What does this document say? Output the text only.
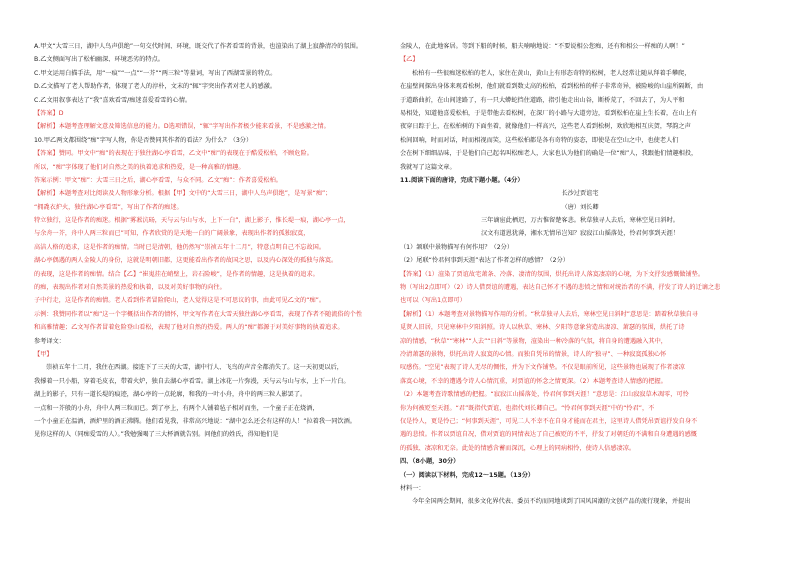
A.甲文“大雪三日，湖中人鸟声俱绝”一句交代时间、环境，既交代了作者看雪的背景，也渲染出了湖上寂静清冷的氛围。
B.乙文侧面写出了松柏幽深、环境恶劣的特点。
C.甲文运用白描手法，用“一痕”“一点”“一芥”“两三粒”等量词，写出了西湖雪景的特点。
D.乙文描写了老人帮助作者，体现了老人的淳朴，文末的“辄”字突出作者对老人的感激。
C.乙文用叙事表达了“我”喜欢看雪/痴迷喜爱看雪的心情。
【答案】D
【解析】本题考查理解文意及筛选信息的能力。D选项错误，“辄”字写出作者极少能来看景，不是感激之情。
10.甲乙两文都围绕“痴”字写人物，你是否赞同其作者的看法？为什么？（3分）
【答案】赞同。甲文中“痴”的表现在于独往湖心亭看雪，乙文中“痴”的表现在于酷爱松柏，不顾危险。
所以，“痴”字体现了他们对自然之美的执着追求和热爱，是一种高雅的情趣。
答案示例：甲文“痴”：大雪三日之后，湖心亭看雪，与众不同。乙文“痴”：作者喜爱松柏。
【解析】本题考查对比阅读及人物形象分析。根据【甲】文中的“大雪三日，湖中人鸟声俱绝”，是写景“痴”；
“拥毳衣炉火，独往湖心亭看雪”，写出了作者的痴迷。
特立独行，这是作者的痴迷。根据“雾凇沆砀，天与云与山与水，上下一白”，湖上影子，惟长堤一痕，湖心亭一点，
与余舟一芥，舟中人两三粒而已”可知，作者欣赏的是天地一白的广阔景象，表现出作者的孤独寂寞，
高洁人格的追求，这是作者的痴情。当时已是清朝，他仍然写“崇祯五年十二月”，特意点明自己不忘故国。
湖心亭偶遇的两人金陵人的身份，这就是明朝旧都，这更能看出作者的故国之思，以及内心深处的孤独与落寞。
的表现，这是作者的痴情。结合【乙】“崔嵬挂在峭壁上，岩石险峻”，是作者的情趣，这是执着的追求。
的痴，表现出作者对自然美景的热爱和执着，以及对美好事物的向往。
子中行走，这是作者的痴情。老人看到作者冒险爬山，老人觉得这是不可思议的事，由此可见乙文的“痴”。
示例：我赞同作者以“痴”这一个字概括出作者的情怀，甲文写作者在大雪天独往湖心亭看雪，表现了作者不随流俗的个性
和高雅情趣；乙文写作者冒着危险登山看松，表现了他对自然的热爱。两人的“痴”都源于对美好事物的执着追求。
参考译文：
【甲】
崇祯五年十二月，我住在西湖。接连下了三天的大雪，湖中行人、飞鸟的声音全都消失了。这一天初更以后，
我撑着一只小船，穿着毛皮衣，带着火炉，独自去湖心亭看雪。湖上冰花一片弥漫，天与云与山与水，上下一片白。
湖上的影子，只有一道长堤的痕迹，湖心亭的一点轮廓，和我的一叶小舟，舟中的两三粒人影罢了。
一点和一芥般的小舟，舟中人两三粒而已。到了亭上，有两个人铺着毡子相对而坐，一个童子正在烧酒，
一个小童正在温酒，酒炉里的酒正沸腾。他们看见我，非常高兴地说：“湖中怎么还会有这样的人！”拉着我一同饮酒。
见你这样的人（同痴爱雪的人）。”我勉强喝了三大杯酒就告别。问他们的姓氏，得知他们是
金陵人，在此地客居。等到下船的时候，船夫喃喃地说：“不要说相公您痴，还有和相公一样痴的人啊！”
【乙】
松柏有一些很痴迷松柏的老人，家住在黄山，黄山上有形态奇特的松树，老人经常让随从拜着手攀爬，
在崖壁间探出身体来观看松树，他们就看到数丈高的松柏，看到松柏的样子非常奇异，被险峻的山崖所隔断，由
于道路曲折，在山间迷路了，有一只大蟒蛇挡住道路，指引他走出山谷，断桥荒了，不回去了，为人平和
易相处，知道他喜爱松柏，于是带他去看松树，在深厂的小路与大道旁边，看到松柏在崖上生长着，在山上有
夜穿日踪于上，在松柏树的下面坐着，就像他们一样高兴，这些老人看到松树，欢欣地相互庆贺，琴韵之声
松间回响，时而对话，时而相视而笑，这些松柏都是各有奇特的姿态，即使是在空山之中，也使老人们
会在树下细细品味，于是他们自己起名叫松痴老人，大家也认为他们的确是一位“痴”人，我跟他们情趣相投，
我就写了这篇文章。
11.阅读下面的唐诗，完成下题小题。（4分）
长沙过贾谊宅
（唐）刘长卿
三年谪宦此栖迟，万古惟留楚客悲。秋草独寻人去后，寒林空见日斜时。
汉文有道恩犹薄，湘水无情吊岂知？寂寂江山摇落处，怜君何事到天涯！
（1）颔联中景物描写有何作用？（2分）
（2）尾联“怜君何事到天涯”表达了作者怎样的感情？（2分）
【答案】（1）渲染了贾谊故宅萧条、冷落、凄清的氛围，烘托出诗人落寞凄凉的心境，为下文抒发感慨做铺垫。
物（写出2点即可）（2）诗人借贾谊的遭遇，表达自己怀才不遇的悲愤之情和对统治者的不满，抒发了诗人的迁谪之悲
也可以（写出1点即可）
【解析】（1）本题考查对景物描写作用的分析。“秋草独寻人去后，寒林空见日斜时”意思是：踏着秋草独自寻
觅贤人旧居，只见寒林中夕阳斜照。诗人以秋草、寒林、夕阳等意象营造出凄凉、萧瑟的氛围，烘托了诗
凉的情感，“秋草”“寒林”“人去”“日斜”等景物，渲染出一种冷落的气氛，将自身的遭遇融入其中，
冷清萧瑟的景物，烘托出诗人寂寞的心情。而独自凭吊的情景，诗人的“独寻”、一种寂寞孤独心怀
叹感伤。“空见”表现了诗人无尽的惆怅，并为下文作铺垫。不仅是眼前所见，这些景物也展现了作者凄凉
落寞心境，不幸的遭遇令诗人心情沉重，对贾谊的怀念之情更深。（2）本题考查诗人情感的把握。
（2）本题考查诗歌情感的把握。“寂寂江山摇落处，怜君何事到天涯！”意思是：江山寂寂草木凋零，可怜
你为何被贬至天涯。“君”既指代贾谊，也指代刘长卿自己。“怜君何事到天涯”中的“怜君”，不
仅是怜人，更是怜己；“何事到天涯”，可见二人不幸不在自身才能而在君主，这里诗人借凭吊贾谊抒发自身不
遇的悲愤。作者以贾谊自况，借对贾谊的同情表达了自己被贬的不平，抒发了对朝廷的不满和自身遭遇的感慨
的孤独、凄凉和无奈。此处的情感含蓄而深沉，心理上的同病相怜，使诗人倍感凄凉。
四、（8小题，30分）
（一）阅读以下材料，完成12～15题。（13分）
材料一：
今年全国两会期间，很多文化界代表、委员不约而同地谈到了国风国潮的文创产品的流行现象，并提出
